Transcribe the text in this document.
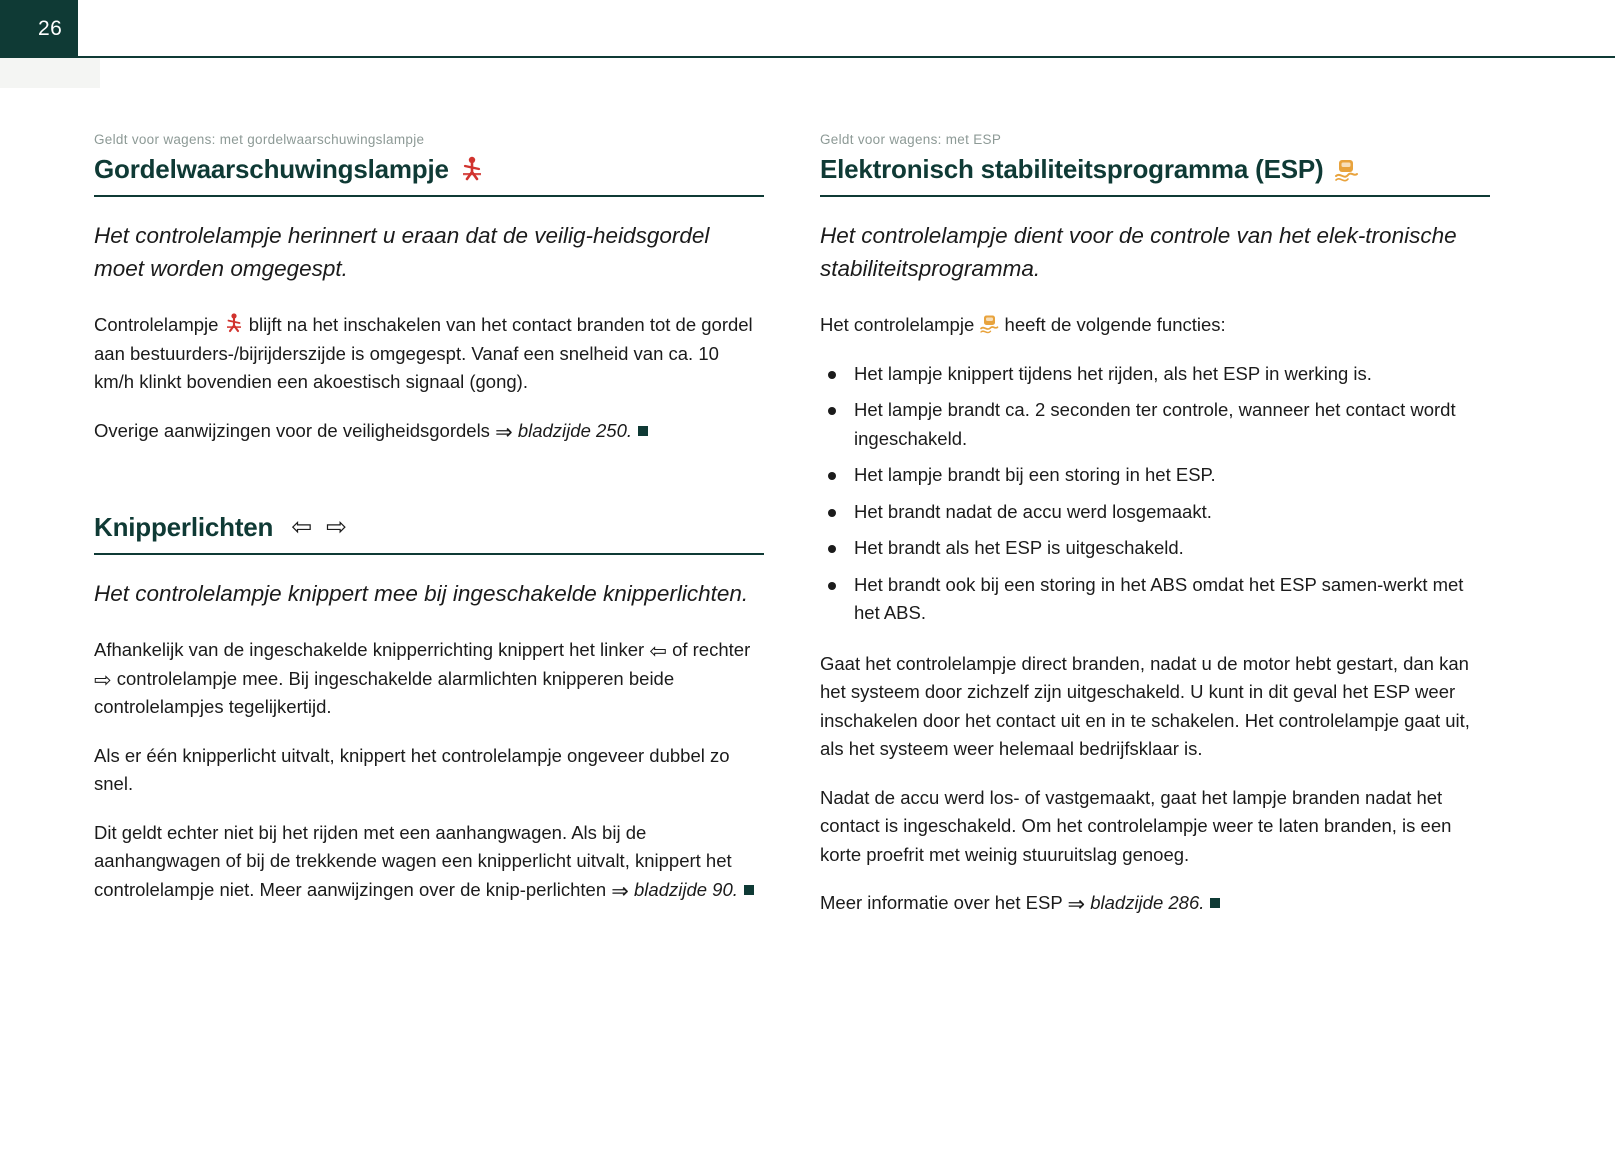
26

Geldt voor wagens: met gordelwaarschuwingslampje

Gordelwaarschuwingslampje

Het controlelampje herinnert u eraan dat de veilig-heidsgordel moet worden omgegespt.

Controlelampje blijft na het inschakelen van het contact branden tot de gordel aan bestuurders-/bijrijderszijde is omgegespt. Vanaf een snelheid van ca. 10 km/h klinkt bovendien een akoestisch signaal (gong).

Overige aanwijzingen voor de veiligheidsgordels ⇒ bladzijde 250.

Knipperlichten ⇦ ⇨

Het controlelampje knippert mee bij ingeschakelde knipperlichten.

Afhankelijk van de ingeschakelde knipperrichting knippert het linker ⇦ of rechter ⇨ controlelampje mee. Bij ingeschakelde alarmlichten knipperen beide controlelampjes tegelijkertijd.

Als er één knipperlicht uitvalt, knippert het controlelampje ongeveer dubbel zo snel.

Dit geldt echter niet bij het rijden met een aanhangwagen. Als bij de aanhangwagen of bij de trekkende wagen een knipperlicht uitvalt, knippert het controlelampje niet. Meer aanwijzingen over de knip-perlichten ⇒ bladzijde 90.

Geldt voor wagens: met ESP

Elektronisch stabiliteitsprogramma (ESP)

Het controlelampje dient voor de controle van het elek-tronische stabiliteitsprogramma.

Het controlelampje heeft de volgende functies:

Het lampje knippert tijdens het rijden, als het ESP in werking is.
Het lampje brandt ca. 2 seconden ter controle, wanneer het contact wordt ingeschakeld.
Het lampje brandt bij een storing in het ESP.
Het brandt nadat de accu werd losgemaakt.
Het brandt als het ESP is uitgeschakeld.
Het brandt ook bij een storing in het ABS omdat het ESP samen-werkt met het ABS.

Gaat het controlelampje direct branden, nadat u de motor hebt gestart, dan kan het systeem door zichzelf zijn uitgeschakeld. U kunt in dit geval het ESP weer inschakelen door het contact uit en in te schakelen. Het controlelampje gaat uit, als het systeem weer helemaal bedrijfsklaar is.

Nadat de accu werd los- of vastgemaakt, gaat het lampje branden nadat het contact is ingeschakeld. Om het controlelampje weer te laten branden, is een korte proefrit met weinig stuuruitslag genoeg.

Meer informatie over het ESP ⇒ bladzijde 286.
